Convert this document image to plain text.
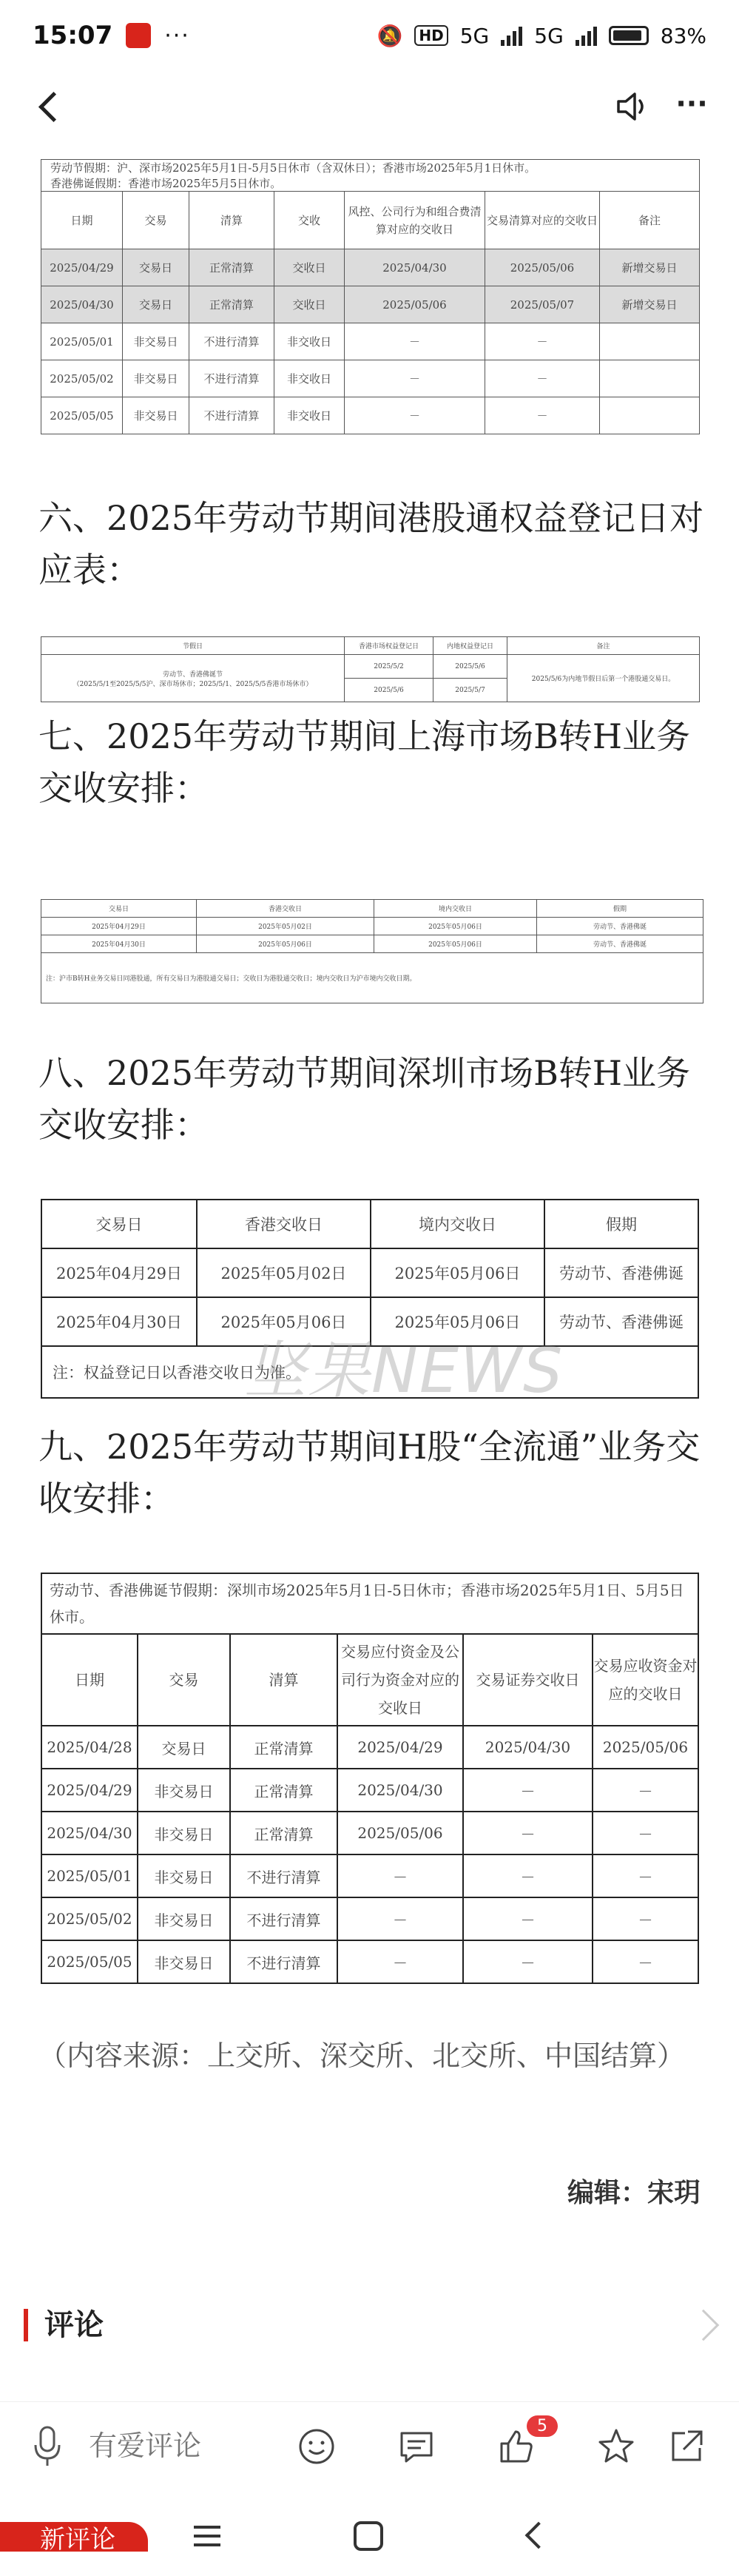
15:07 ···	🔕	HD 5G 5G	83%
···
劳动节假期：沪、深市场2025年5月1日-5月5日休市（含双休日）；香港市场2025年5月1日休市。
香港佛诞假期：香港市场2025年5月5日休市。						

日期	交易	清算	交收	风控、公司行为和组合费清算对应的交收日	交易清算对应的交收日	备注
2025/04/29	交易日	正常清算	交收日	2025/04/30	2025/05/06	新增交易日
2025/04/30	交易日	正常清算	交收日	2025/05/06	2025/05/07	新增交易日
2025/05/01	非交易日	不进行清算	非交收日	－	－	
2025/05/02	非交易日	不进行清算	非交收日	－	－	
2025/05/05	非交易日	不进行清算	非交收日	－	－	
六、2025年劳动节期间港股通权益登记日对应表：
节假日	香港市场权益登记日	内地权益登记日	备注

劳动节、香港佛诞节
（2025/5/1至2025/5/5沪、深市场休市；2025/5/1、2025/5/5香港市场休市）	2025/5/2	2025/5/6	2025/5/6为内地节假日后第一个港股通交易日。
	2025/5/6	2025/5/7	
七、2025年劳动节期间上海市场B转H业务交收安排：
交易日	香港交收日	境内交收日	假期
2025年04月29日	2025年05月02日	2025年05月06日	劳动节、香港佛诞
2025年04月30日	2025年05月06日	2025年05月06日	劳动节、香港佛诞
注：沪市B转H业务交易日同港股通，所有交易日为港股通交易日；交收日为港股通交收日；境内交收日为沪市境内交收日期。			
八、2025年劳动节期间深圳市场B转H业务交收安排：
交易日	香港交收日	境内交收日	假期
2025年04月29日	2025年05月02日	2025年05月06日	劳动节、香港佛诞
2025年04月30日	2025年05月06日	2025年05月06日	劳动节、香港佛诞
注：权益登记日以香港交收日为准。			
坚果NEWS
九、2025年劳动节期间H股“全流通”业务交收安排：
劳动节、香港佛诞节假期：深圳市场2025年5月1日-5日休市；香港市场2025年5月1日、5月5日休市。					
日期	交易	清算	交易应付资金及公司行为资金对应的交收日	交易证券交收日	交易应收资金对应的交收日
2025/04/28	交易日	正常清算	2025/04/29	2025/04/30	2025/05/06
2025/04/29	非交易日	正常清算	2025/04/30	－	－
2025/04/30	非交易日	正常清算	2025/05/06	－	－
2025/05/01	非交易日	不进行清算	－	－	－
2025/05/02	非交易日	不进行清算	－	－	－
2025/05/05	非交易日	不进行清算	－	－	－
（内容来源：上交所、深交所、北交所、中国结算）
编辑：宋玥
评论
新评论
有爱评论
5
